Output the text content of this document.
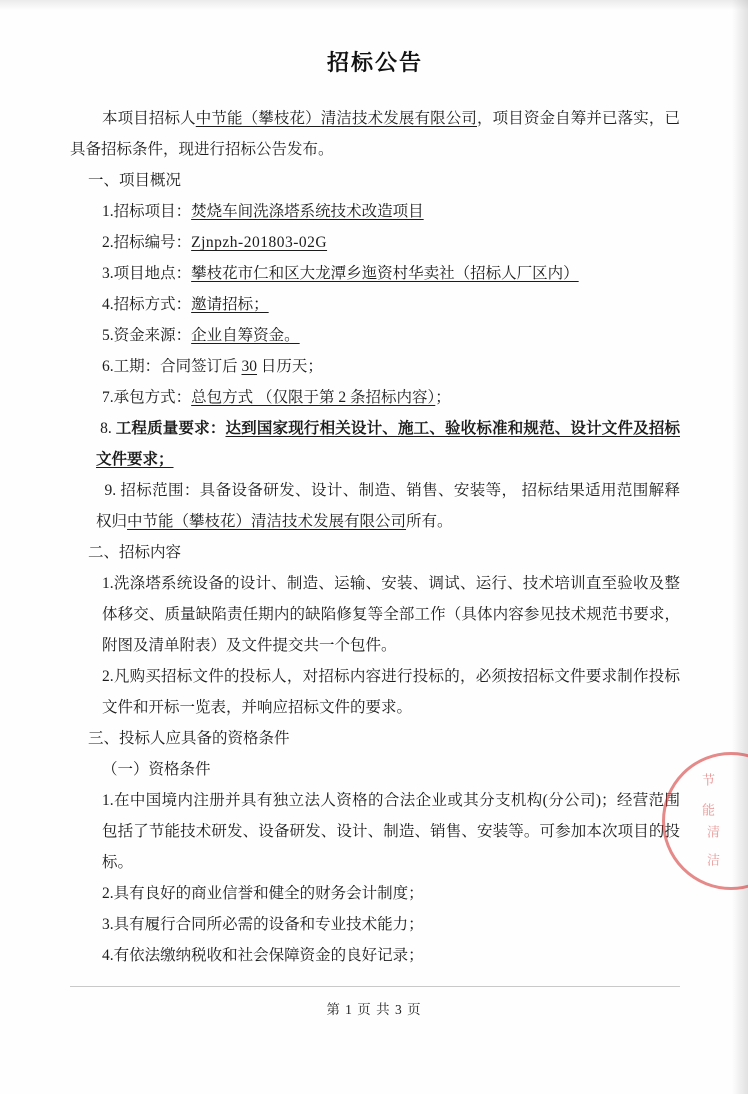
招标公告

本项目招标人中节能（攀枝花）清洁技术发展有限公司，项目资金自筹并已落实，已具备招标条件，现进行招标公告发布。

一、项目概况

1.招标项目：焚烧车间洗涤塔系统技术改造项目

2.招标编号：Zjnpzh-201803-02G

3.项目地点：攀枝花市仁和区大龙潭乡迤资村华卖社（招标人厂区内）

4.招标方式：邀请招标；

5.资金来源：企业自筹资金。

6.工期：合同签订后 30 日历天；

7.承包方式：总包方式 （仅限于第 2 条招标内容）；

8. 工程质量要求：达到国家现行相关设计、施工、验收标准和规范、设计文件及招标文件要求；

9. 招标范围：具备设备研发、设计、制造、销售、安装等， 招标结果适用范围解释权归中节能（攀枝花）清洁技术发展有限公司所有。

二、招标内容

1.洗涤塔系统设备的设计、制造、运输、安装、调试、运行、技术培训直至验收及整体移交、质量缺陷责任期内的缺陷修复等全部工作（具体内容参见技术规范书要求，附图及清单附表）及文件提交共一个包件。

2.凡购买招标文件的投标人，对招标内容进行投标的，必须按招标文件要求制作投标文件和开标一览表，并响应招标文件的要求。

三、投标人应具备的资格条件

（一）资格条件

1.在中国境内注册并具有独立法人资格的合法企业或其分支机构(分公司)；经营范围包括了节能技术研发、设备研发、设计、制造、销售、安装等。可参加本次项目的投标。

2.具有良好的商业信誉和健全的财务会计制度；

3.具有履行合同所必需的设备和专业技术能力；

4.有依法缴纳税收和社会保障资金的良好记录；

节 能
清 洁
第 1 页 共 3 页
